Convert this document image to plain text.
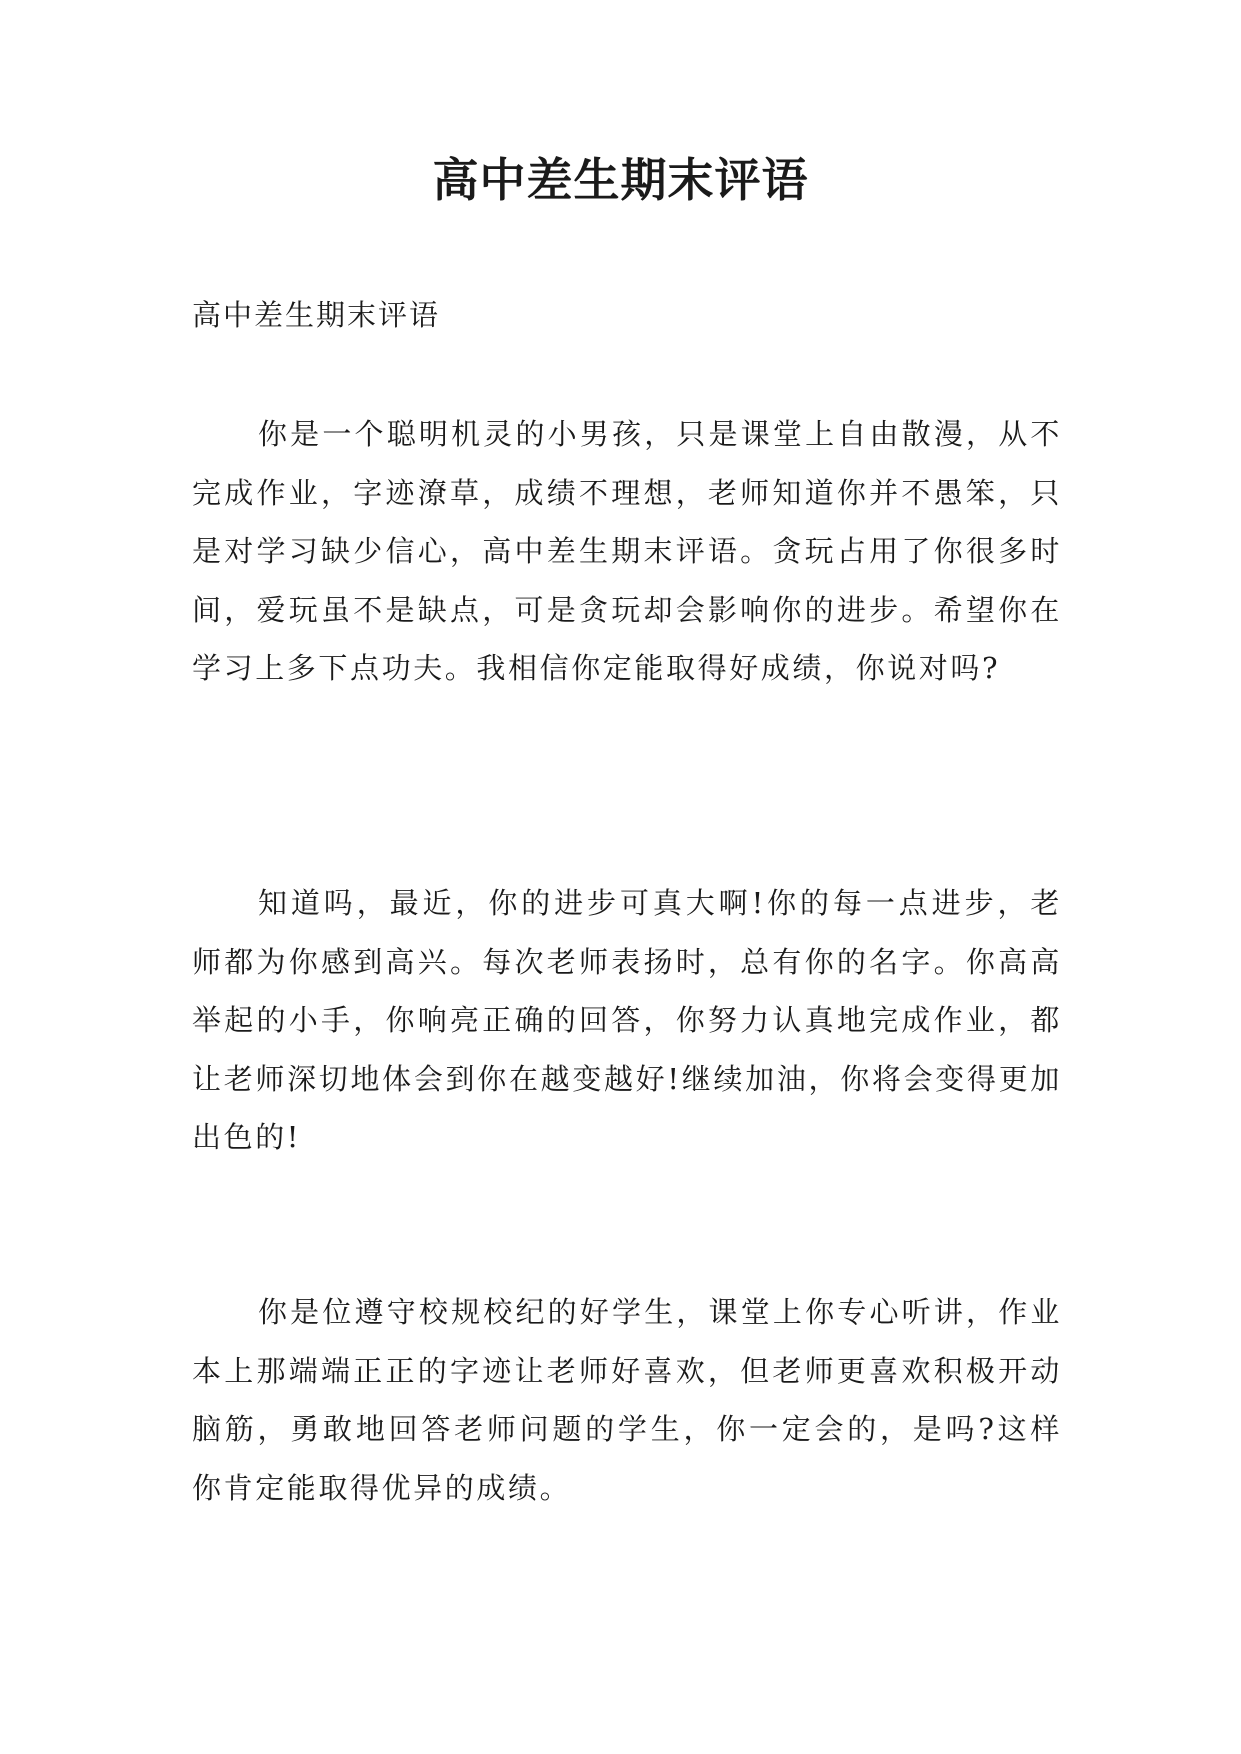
高中差生期末评语

高中差生期末评语

你是一个聪明机灵的小男孩，只是课堂上自由散漫，从不完成作业，字迹潦草，成绩不理想，老师知道你并不愚笨，只是对学习缺少信心，高中差生期末评语。贪玩占用了你很多时间，爱玩虽不是缺点，可是贪玩却会影响你的进步。希望你在学习上多下点功夫。我相信你定能取得好成绩，你说对吗?

知道吗，最近，你的进步可真大啊!你的每一点进步，老师都为你感到高兴。每次老师表扬时，总有你的名字。你高高举起的小手，你响亮正确的回答，你努力认真地完成作业，都让老师深切地体会到你在越变越好!继续加油，你将会变得更加出色的!

你是位遵守校规校纪的好学生，课堂上你专心听讲，作业本上那端端正正的字迹让老师好喜欢，但老师更喜欢积极开动脑筋，勇敢地回答老师问题的学生，你一定会的，是吗?这样你肯定能取得优异的成绩。
